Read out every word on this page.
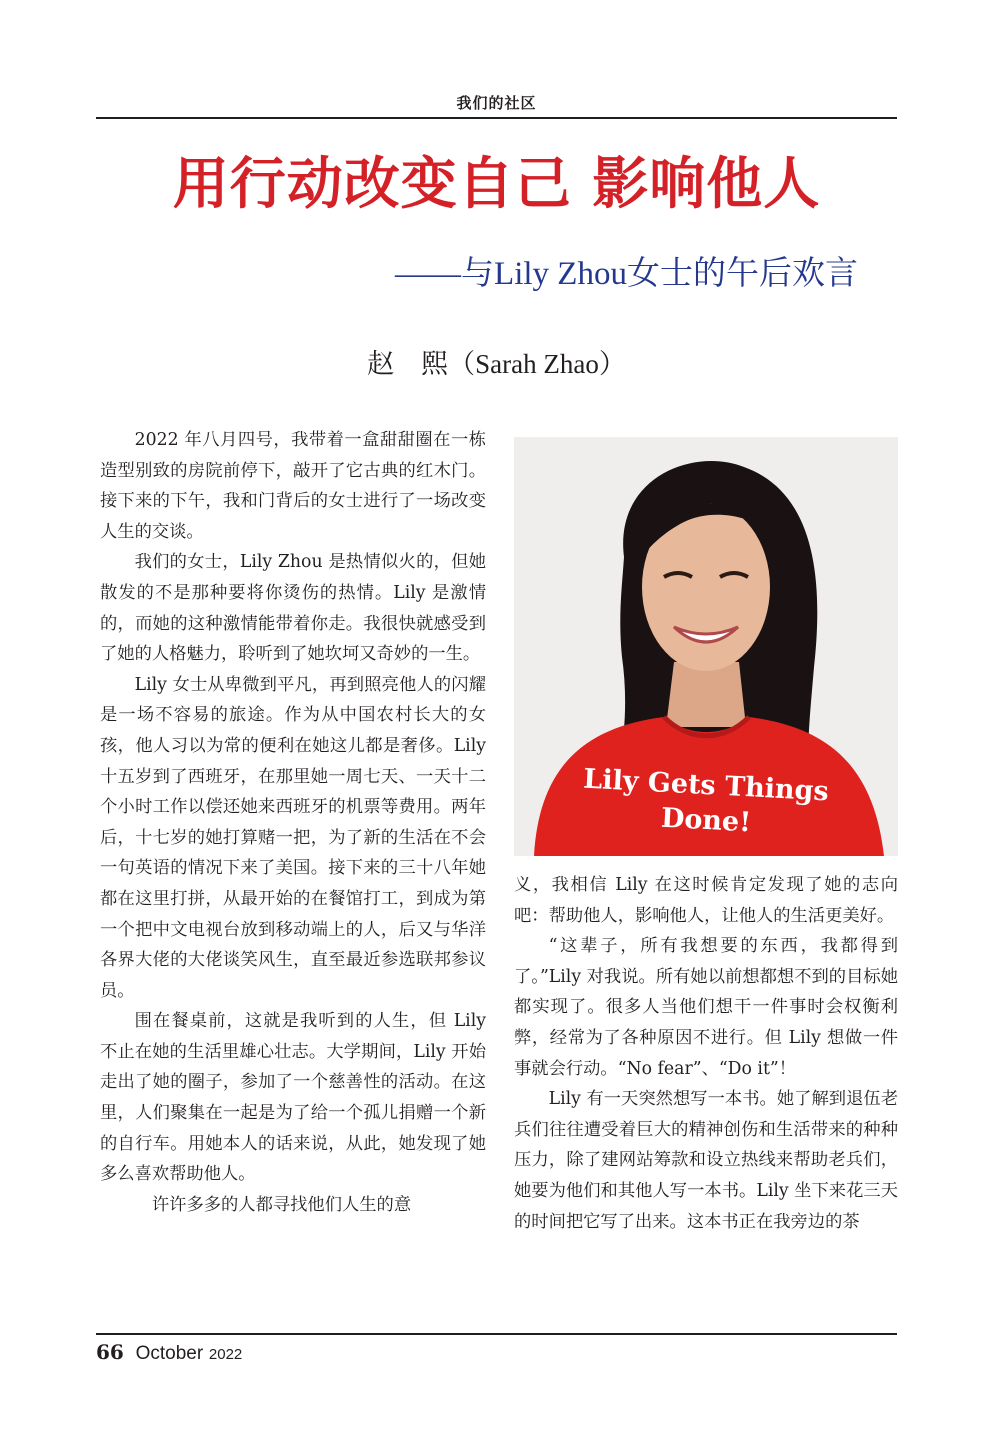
我们的社区
用行动改变自己 影响他人
——与Lily Zhou女士的午后欢言
赵　熙（Sarah Zhao）

2022 年八月四号，我带着一盒甜甜圈在一栋造型别致的房院前停下，敲开了它古典的红木门。接下来的下午，我和门背后的女士进行了一场改变人生的交谈。

我们的女士，Lily Zhou 是热情似火的，但她散发的不是那种要将你烫伤的热情。Lily 是激情的，而她的这种激情能带着你走。我很快就感受到了她的人格魅力，聆听到了她坎坷又奇妙的一生。

Lily 女士从卑微到平凡，再到照亮他人的闪耀是一场不容易的旅途。作为从中国农村长大的女孩，他人习以为常的便利在她这儿都是奢侈。Lily 十五岁到了西班牙，在那里她一周七天、一天十二个小时工作以偿还她来西班牙的机票等费用。两年后，十七岁的她打算赌一把，为了新的生活在不会一句英语的情况下来了美国。接下来的三十八年她都在这里打拼，从最开始的在餐馆打工，到成为第一个把中文电视台放到移动端上的人，后又与华洋各界大佬的大佬谈笑风生，直至最近参选联邦参议员。

围在餐桌前，这就是我听到的人生，但 Lily 不止在她的生活里雄心壮志。大学期间，Lily 开始走出了她的圈子，参加了一个慈善性的活动。在这里，人们聚集在一起是为了给一个孤儿捐赠一个新的自行车。用她本人的话来说，从此，她发现了她多么喜欢帮助他人。

许许多多的人都寻找他们人生的意

Lily Gets Things
Done!

义，我相信 Lily 在这时候肯定发现了她的志向吧：帮助他人，影响他人，让他人的生活更美好。

“这辈子，所有我想要的东西，我都得到了。”Lily 对我说。所有她以前想都想不到的目标她都实现了。很多人当他们想干一件事时会权衡利弊，经常为了各种原因不进行。但 Lily 想做一件事就会行动。“No fear”、“Do it”！

Lily 有一天突然想写一本书。她了解到退伍老兵们往往遭受着巨大的精神创伤和生活带来的种种压力，除了建网站筹款和设立热线来帮助老兵们，她要为他们和其他人写一本书。Lily 坐下来花三天的时间把它写了出来。这本书正在我旁边的茶

66 October 2022
